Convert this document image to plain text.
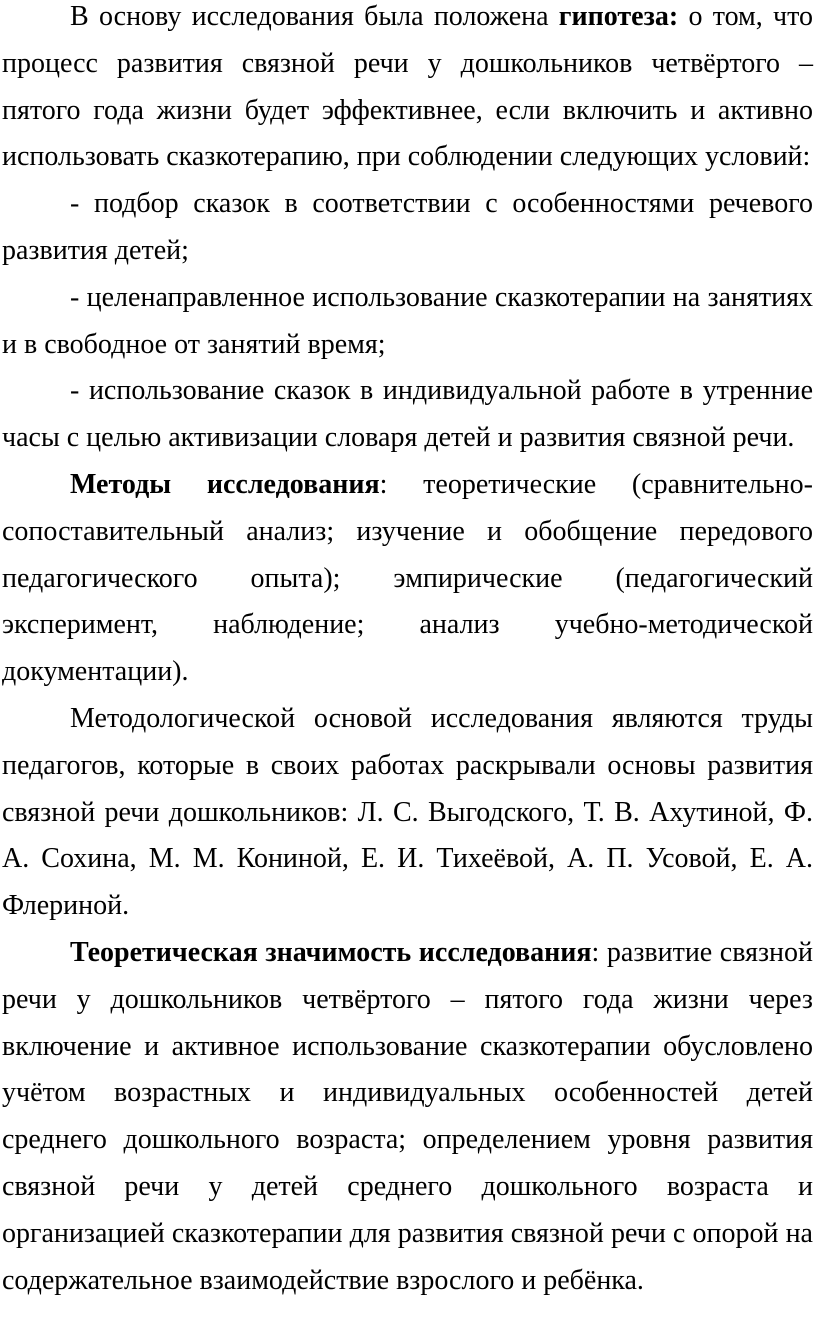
В основу исследования была положена гипотеза: о том, что процесс развития связной речи у дошкольников четвёртого – пятого года жизни будет эффективнее, если включить и активно использовать сказкотерапию, при соблюдении следующих условий:

- подбор сказок в соответствии с особенностями речевого развития детей;

- целенаправленное использование сказкотерапии на занятиях и в свободное от занятий время;

- использование сказок в индивидуальной работе в утренние часы с целью активизации словаря детей и развития связной речи.

Методы исследования: теоретические (сравнительно-сопоставительный анализ; изучение и обобщение передового педагогического опыта); эмпирические (педагогический эксперимент, наблюдение; анализ учебно-методической документации).

Методологической основой исследования являются труды педагогов, которые в своих работах раскрывали основы развития связной речи дошкольников: Л. С. Выгодского, Т. В. Ахутиной, Ф. А. Сохина, М. М. Кониной, Е. И. Тихеёвой, А. П. Усовой, Е. А. Флериной.

Теоретическая значимость исследования: развитие связной речи у дошкольников четвёртого – пятого года жизни через включение и активное использование сказкотерапии обусловлено учётом возрастных и индивидуальных особенностей детей среднего дошкольного возраста; определением уровня развития связной речи у детей среднего дошкольного возраста и организацией сказкотерапии для развития связной речи с опорой на содержательное взаимодействие взрослого и ребёнка.
